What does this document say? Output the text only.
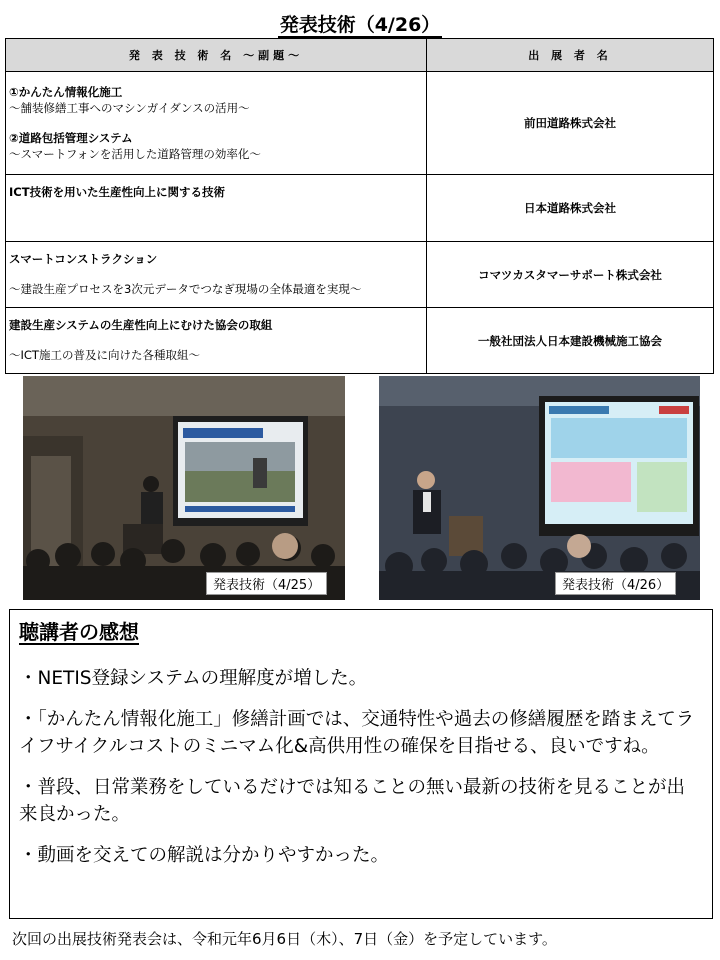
発表技術（4/26）
発 表 技 術 名 ～副題～	出 展 者 名

①かんたん情報化施工
～舗装修繕工事へのマシンガイダンスの活用～
②道路包括管理システム
～スマートフォンを活用した道路管理の効率化～	前田道路株式会社

ICT技術を用いた生産性向上に関する技術	日本道路株式会社

スマートコンストラクション
～建設生産プロセスを3次元データでつなぎ現場の全体最適を実現～	コマツカスタマーサポート株式会社

建設生産システムの生産性向上にむけた協会の取組
～ICT施工の普及に向けた各種取組～	一般社団法人日本建設機械施工協会
発表技術（4/25）	発表技術（4/26）
聴講者の感想

・NETIS登録システムの理解度が増した。

・「かんたん情報化施工」修繕計画では、交通特性や過去の修繕履歴を踏まえてライフサイクルコストのミニマム化&高供用性の確保を目指せる、良いですね。

・普段、日常業務をしているだけでは知ることの無い最新の技術を見ることが出来良かった。

・動画を交えての解説は分かりやすかった。

次回の出展技術発表会は、令和元年6月6日（木）、7日（金）を予定しています。
